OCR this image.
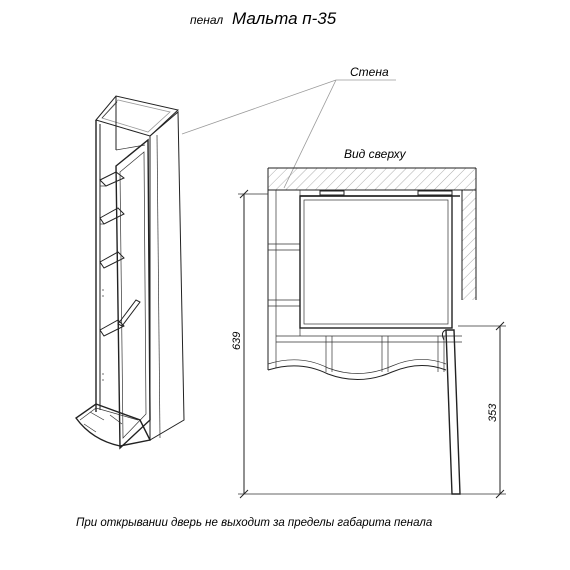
пенал Мальта п-35
Стена
Вид сверху
639
353
При открывании дверь не выходит за пределы габарита пенала
